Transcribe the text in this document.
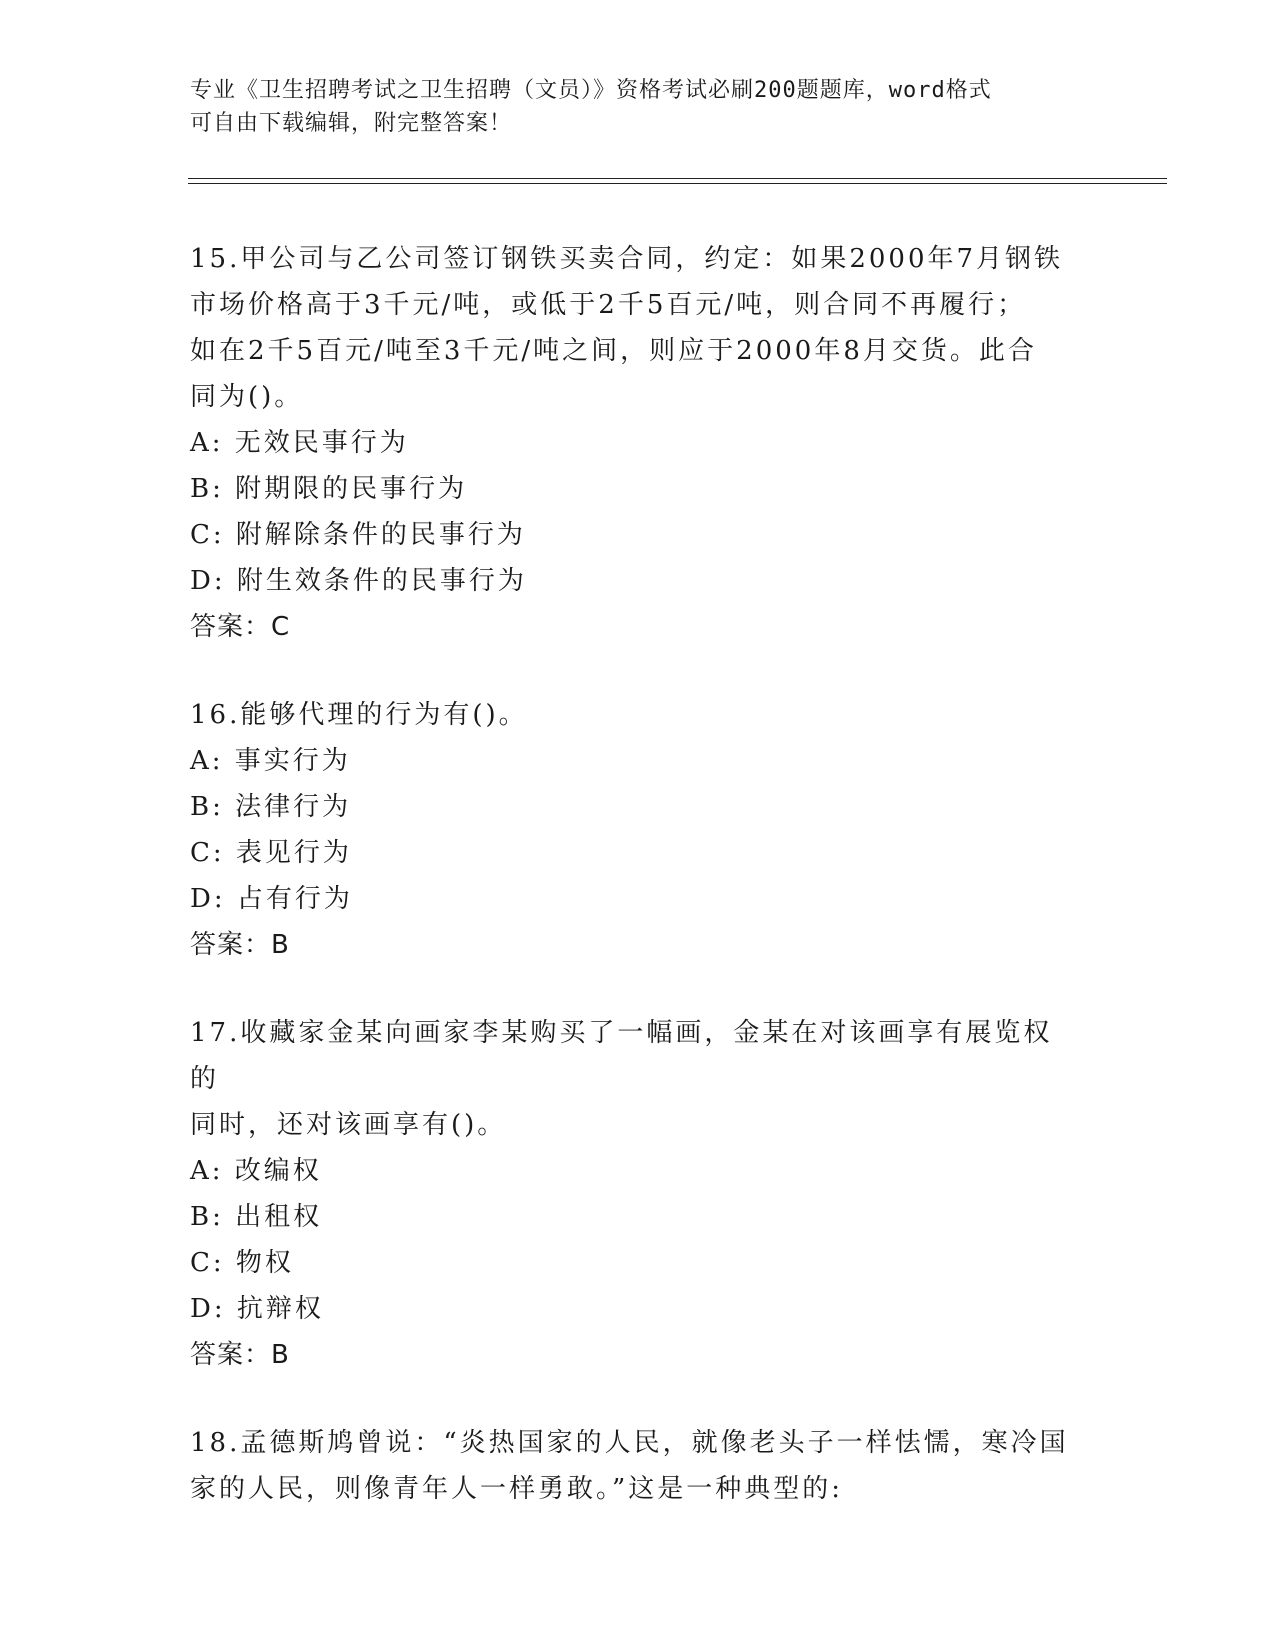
专业《卫生招聘考试之卫生招聘（文员）》资格考试必刷200题题库，word格式
可自由下载编辑，附完整答案！

15.甲公司与乙公司签订钢铁买卖合同，约定：如果2000年7月钢铁

市场价格高于3千元/吨，或低于2千5百元/吨，则合同不再履行；

如在2千5百元/吨至3千元/吨之间，则应于2000年8月交货。此合

同为()。

A: 无效民事行为

B: 附期限的民事行为

C: 附解除条件的民事行为

D: 附生效条件的民事行为

答案：C

16.能够代理的行为有()。

A: 事实行为

B: 法律行为

C: 表见行为

D: 占有行为

答案：B

17.收藏家金某向画家李某购买了一幅画，金某在对该画享有展览权的

同时，还对该画享有()。

A: 改编权

B: 出租权

C: 物权

D: 抗辩权

答案：B

18.孟德斯鸠曾说：“炎热国家的人民，就像老头子一样怯懦，寒冷国

家的人民，则像青年人一样勇敢。”这是一种典型的:
